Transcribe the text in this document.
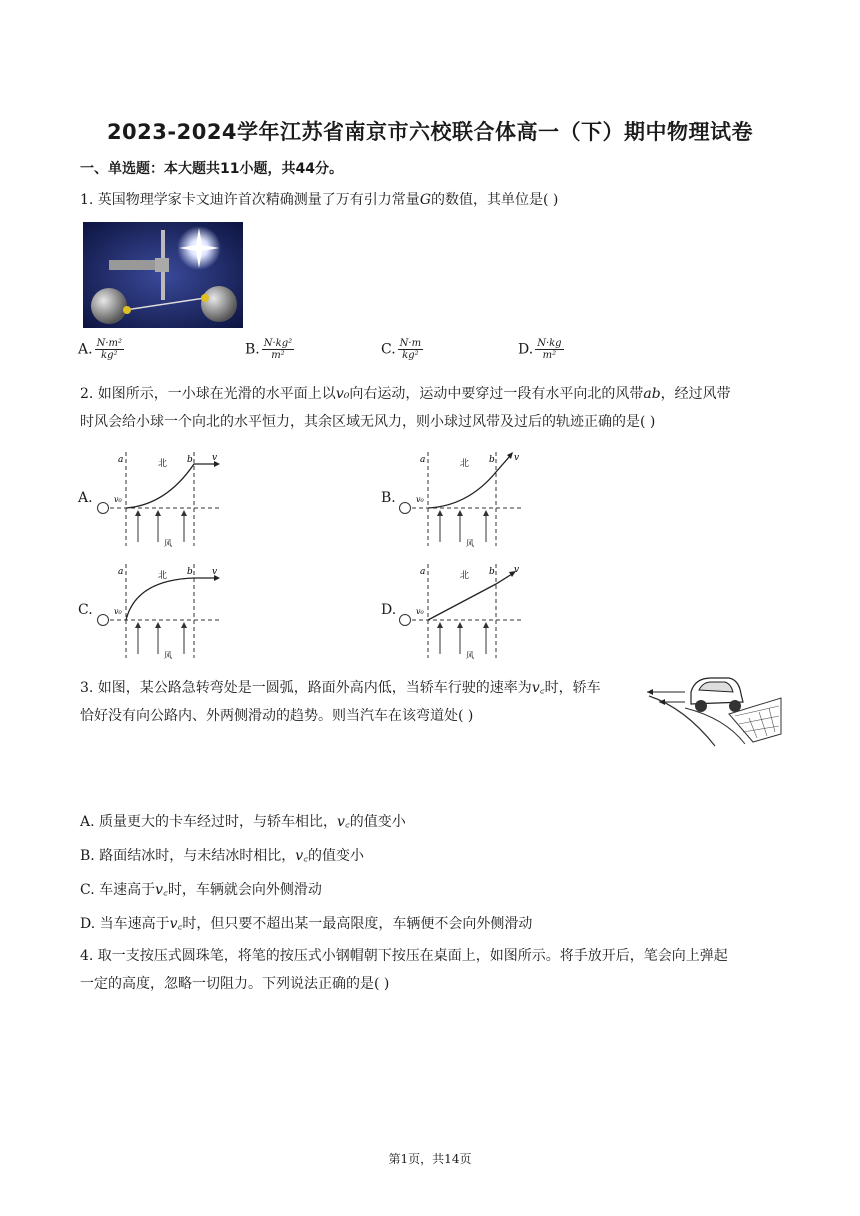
2023-2024学年江苏省南京市六校联合体高一（下）期中物理试卷
一、单选题：本大题共11小题，共44分。
1. 英国物理学家卡文迪许首次精确测量了万有引力常量G的数值，其单位是( )
A. $\frac{\text{N·m²}}{\text{kg²}}$	B. $\frac{\text{N·kg²}}{\text{m²}}$	C. $\frac{N\cdot m}{\text{kg²}}$	D. $\frac{N\cdot kg}{\text{m²}}$
2. 如图所示，一小球在光滑的水平面上以v₀向右运动，运动中要穿过一段有水平向北的风带ab，经过风带
时风会给小球一个向北的水平恒力，其余区域无风力，则小球过风带及过后的轨迹正确的是( )
A.
a	b
北
v₀
v
风
B.
a	b
北
v₀
v
风
C.
a	b
北
v₀
v
风
D.
a	b
北
v₀
v
风
3. 如图，某公路急转弯处是一圆弧，路面外高内低，当轿车行驶的速率为v꜀时，轿车
恰好没有向公路内、外两侧滑动的趋势。则当汽车在该弯道处( )
A. 质量更大的卡车经过时，与轿车相比，v꜀的值变小
B. 路面结冰时，与未结冰时相比，v꜀的值变小
C. 车速高于v꜀时，车辆就会向外侧滑动
D. 当车速高于v꜀时，但只要不超出某一最高限度，车辆便不会向外侧滑动
4. 取一支按压式圆珠笔，将笔的按压式小钢帽朝下按压在桌面上，如图所示。将手放开后，笔会向上弹起
一定的高度，忽略一切阻力。下列说法正确的是( )
第1页，共14页
